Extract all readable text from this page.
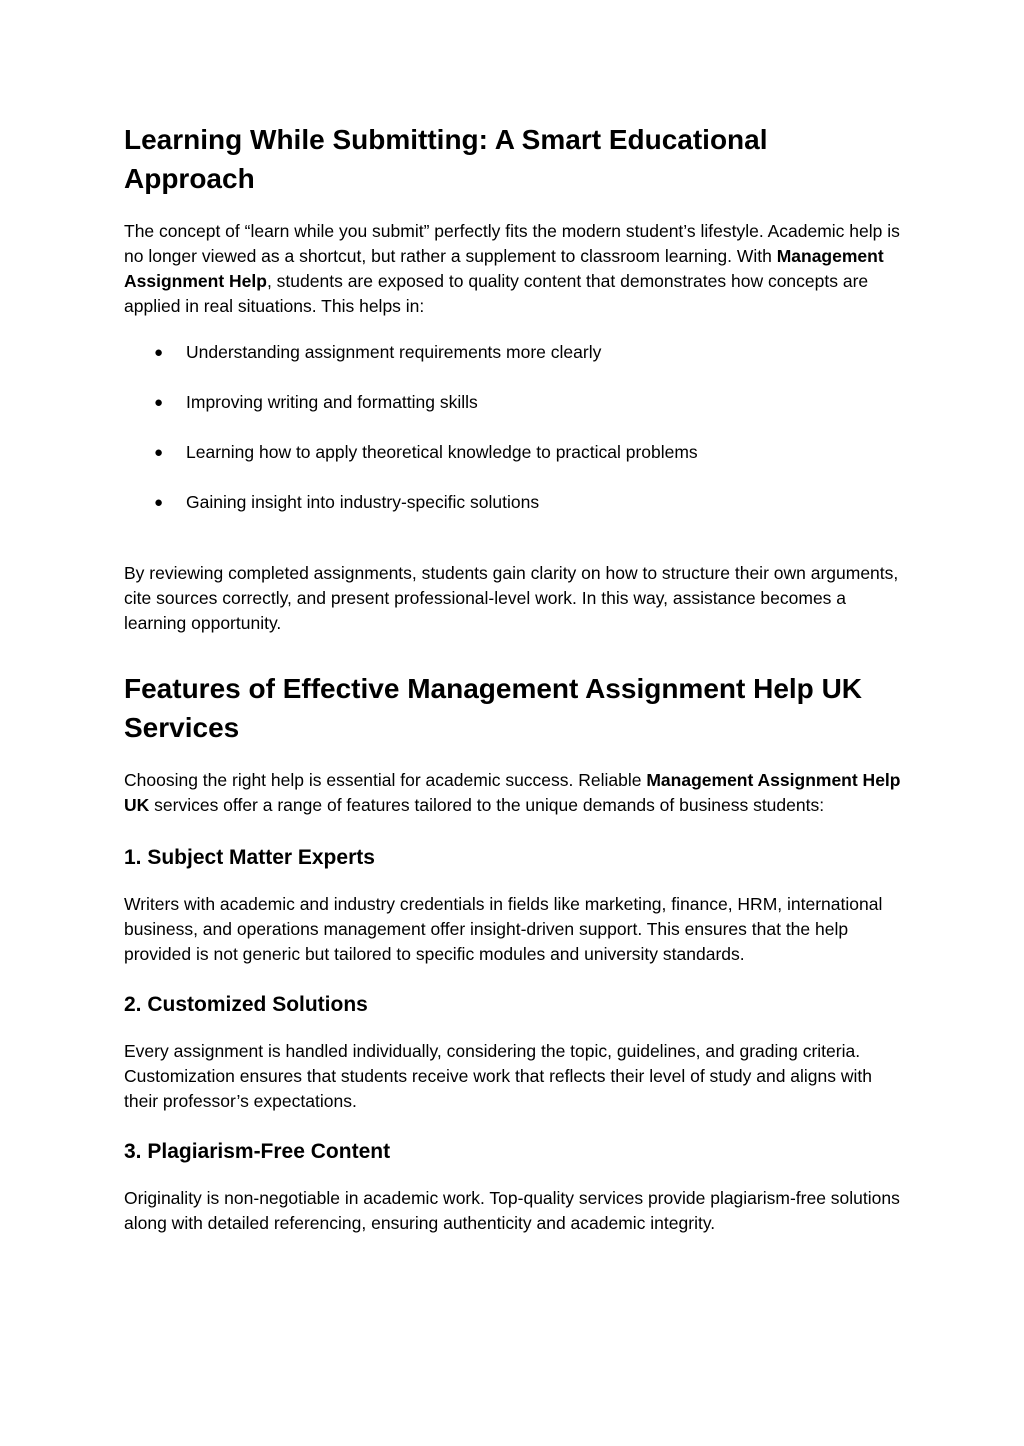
Learning While Submitting: A Smart Educational Approach

The concept of “learn while you submit” perfectly fits the modern student’s lifestyle. Academic help is no longer viewed as a shortcut, but rather a supplement to classroom learning. With Management Assignment Help, students are exposed to quality content that demonstrates how concepts are applied in real situations. This helps in:

● Understanding assignment requirements more clearly
● Improving writing and formatting skills
● Learning how to apply theoretical knowledge to practical problems
● Gaining insight into industry-specific solutions

By reviewing completed assignments, students gain clarity on how to structure their own arguments, cite sources correctly, and present professional-level work. In this way, assistance becomes a learning opportunity.

Features of Effective Management Assignment Help UK Services

Choosing the right help is essential for academic success. Reliable Management Assignment Help UK services offer a range of features tailored to the unique demands of business students:

1. Subject Matter Experts

Writers with academic and industry credentials in fields like marketing, finance, HRM, international business, and operations management offer insight-driven support. This ensures that the help provided is not generic but tailored to specific modules and university standards.

2. Customized Solutions

Every assignment is handled individually, considering the topic, guidelines, and grading criteria. Customization ensures that students receive work that reflects their level of study and aligns with their professor’s expectations.

3. Plagiarism-Free Content

Originality is non-negotiable in academic work. Top-quality services provide plagiarism-free solutions along with detailed referencing, ensuring authenticity and academic integrity.
